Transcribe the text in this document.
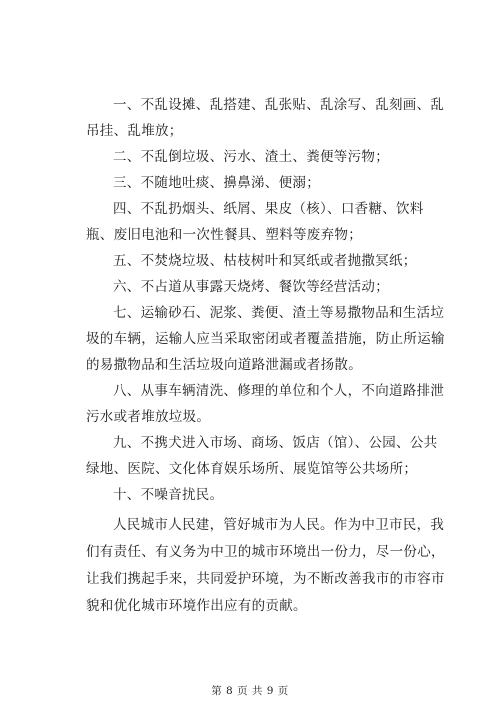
一、不乱设摊、乱搭建、乱张贴、乱涂写、乱刻画、乱吊挂、乱堆放；

二、不乱倒垃圾、污水、渣土、粪便等污物；

三、不随地吐痰、擤鼻涕、便溺；

四、不乱扔烟头、纸屑、果皮（核）、口香糖、饮料瓶、废旧电池和一次性餐具、塑料等废弃物；

五、不焚烧垃圾、枯枝树叶和冥纸或者抛撒冥纸；

六、不占道从事露天烧烤、餐饮等经营活动；

七、运输砂石、泥浆、粪便、渣土等易撒物品和生活垃圾的车辆，运输人应当采取密闭或者覆盖措施，防止所运输的易撒物品和生活垃圾向道路泄漏或者扬散。

八、从事车辆清洗、修理的单位和个人，不向道路排泄污水或者堆放垃圾。

九、不携犬进入市场、商场、饭店（馆）、公园、公共绿地、医院、文化体育娱乐场所、展览馆等公共场所；

十、不噪音扰民。

人民城市人民建，管好城市为人民。作为中卫市民，我们有责任、有义务为中卫的城市环境出一份力，尽一份心，让我们携起手来，共同爱护环境，为不断改善我市的市容市貌和优化城市环境作出应有的贡献。

第 8 页 共 9 页
